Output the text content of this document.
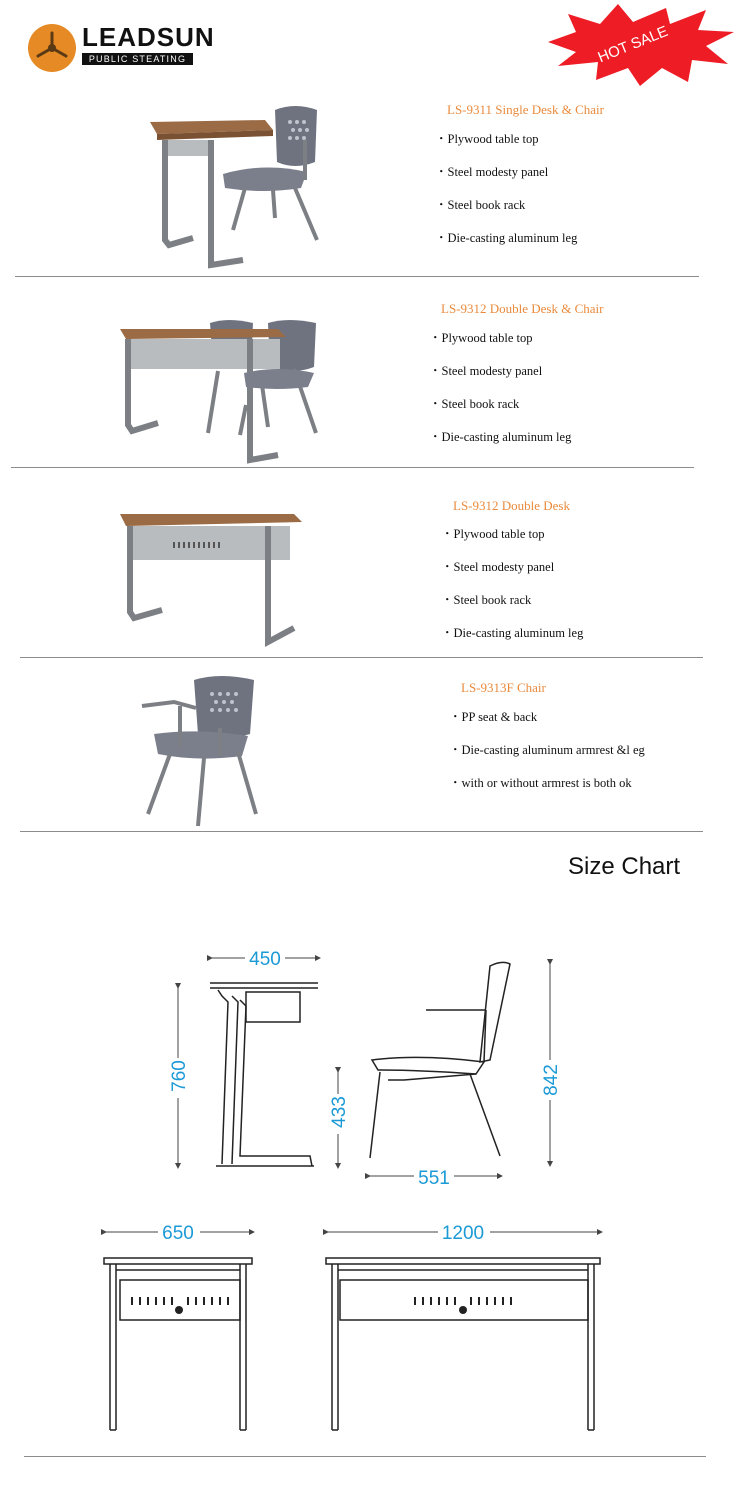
LEADSUN
PUBLIC STEATING	HOT SALE
LS-9311 Single Desk & Chair
・Plywood table top
・Steel modesty panel
・Steel book rack
・Die-casting aluminum leg
LS-9312 Double Desk & Chair
・Plywood table top
・Steel modesty panel
・Steel book rack
・Die-casting aluminum leg
LS-9312 Double Desk
・Plywood table top
・Steel modesty panel
・Steel book rack
・Die-casting aluminum leg
LS-9313F Chair
・PP seat & back
・Die-casting aluminum armrest &l eg
・with or without armrest is both ok
Size Chart
450
760
433
842
551
650	1200
